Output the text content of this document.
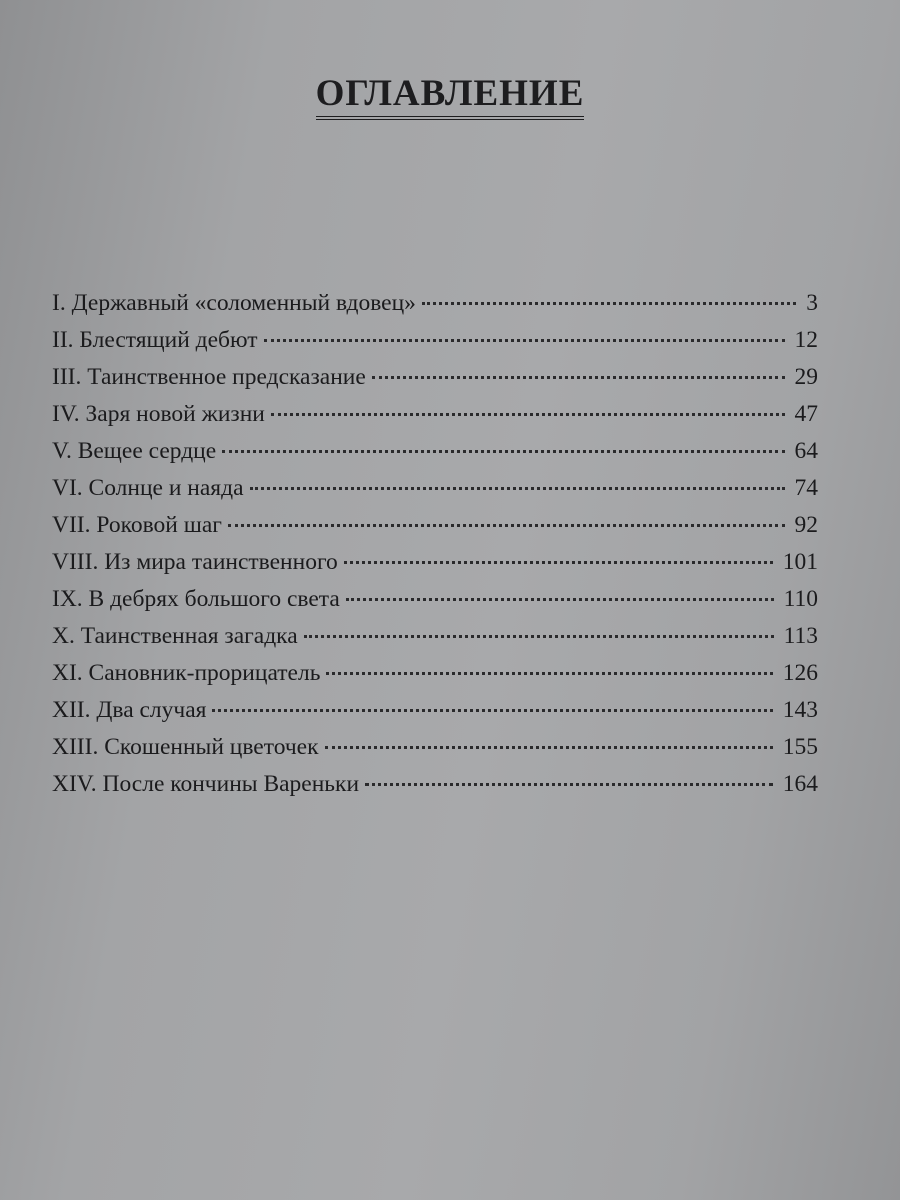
ОГЛАВЛЕНИЕ
I. Державный «соломенный вдовец»	3
II. Блестящий дебют	12
III. Таинственное предсказание	29
IV. Заря новой жизни	47
V. Вещее сердце	64
VI. Солнце и наяда	74
VII. Роковой шаг	92
VIII. Из мира таинственного	101
IX. В дебрях большого света	110
X. Таинственная загадка	113
XI. Сановник-прорицатель	126
XII. Два случая	143
XIII. Скошенный цветочек	155
XIV. После кончины Вареньки	164
